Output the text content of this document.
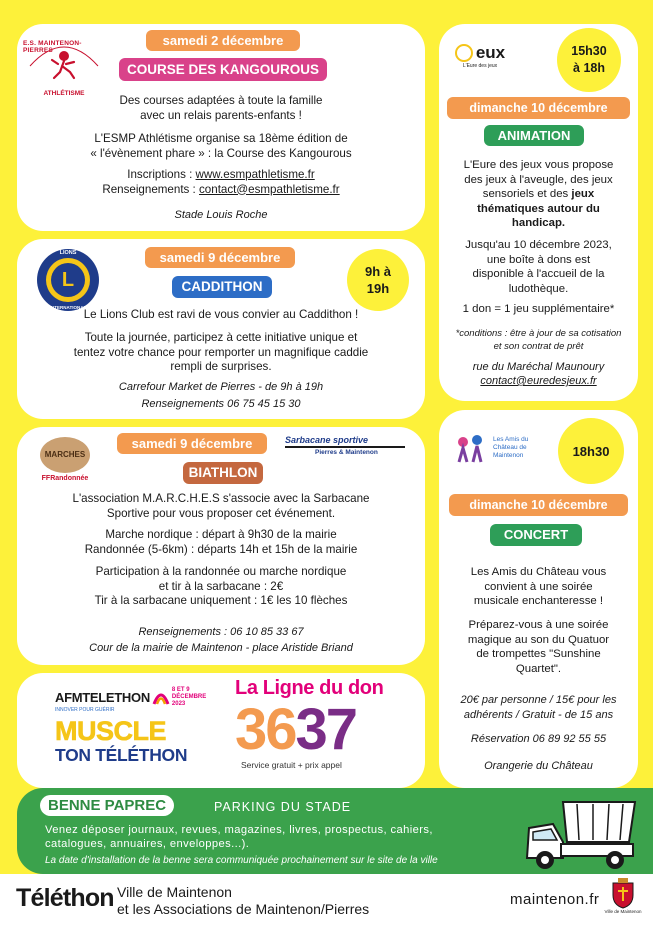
E.S. MAINTENON-PIERRES
ATHLÉTISME
samedi 2 décembre
COURSE DES KANGOUROUS
Des courses adaptées à toute la famille
avec un relais parents-enfants !
L'ESMP Athlétisme organise sa 18ème édition de
« l'évènement phare » : la Course des Kangourous
Inscriptions : www.esmpathletisme.fr
Renseignements : contact@esmpathletisme.fr
Stade Louis Roche
L
LIONS
INTERNATIONAL
samedi 9 décembre
CADDITHON
9h à 19h
Le Lions Club est ravi de vous convier au Caddithon !
Toute la journée, participez à cette initiative unique et
tentez votre chance pour remporter un magnifique caddie
rempli de surprises.
Carrefour Market de Pierres - de 9h à 19h
Renseignements 06 75 45 15 30
MARCHES
FFRandonnée
samedi 9 décembre
BIATHLON
Sarbacane sportive
Pierres & Maintenon
L'association M.A.R.C.H.E.S s'associe avec la Sarbacane
Sportive pour vous proposer cet événement.
Marche nordique : départ à 9h30 de la mairie
Randonnée (5-6km) : départs 14h et 15h de la mairie
Participation à la randonnée ou marche nordique
et tir à la sarbacane : 2€
Tir à la sarbacane uniquement : 1€ les 10 flèches
Renseignements : 06 10 85 33 67
Cour de la mairie de Maintenon - place Aristide Briand
eux
L'Eure des jeux
15h30 à 18h
dimanche 10 décembre
ANIMATION
L'Eure des jeux vous propose
des jeux à l'aveugle, des jeux
sensoriels et des jeux
thématiques autour du
handicap.
Jusqu'au 10 décembre 2023,
une boîte à dons est
disponible à l'accueil de la
ludothèque.
1 don = 1 jeu supplémentaire*
*conditions : être à jour de sa cotisation
et son contrat de prêt
rue du Maréchal Maunoury
contact@euredesjeux.fr
Les Amis du Château de Maintenon	18h30
dimanche 10 décembre
CONCERT
Les Amis du Château vous
convient à une soirée
musicale enchanteresse !
Préparez-vous à une soirée
magique au son du Quatuor
de trompettes "Sunshine
Quartet".
20€ par personne / 15€ pour les
adhérents / Gratuit - de 15 ans
Réservation 06 89 92 55 55
Orangerie du Château
AFMTELETHON	8 ET 9 DÉCEMBRE 2023
INNOVER POUR GUÉRIR
MUSCLE
TON TÉLÉTHON
La Ligne du don
3637
Service gratuit + prix appel
BENNE PAPREC	PARKING DU STADE
Venez déposer journaux, revues, magazines, livres, prospectus, cahiers,
catalogues, annuaires, enveloppes...).
La date d'installation de la benne sera communiquée prochainement sur le site de la ville
Téléthon Ville de Maintenon
et les Associations de Maintenon/Pierres
maintenon.fr
Ville de Maintenon
